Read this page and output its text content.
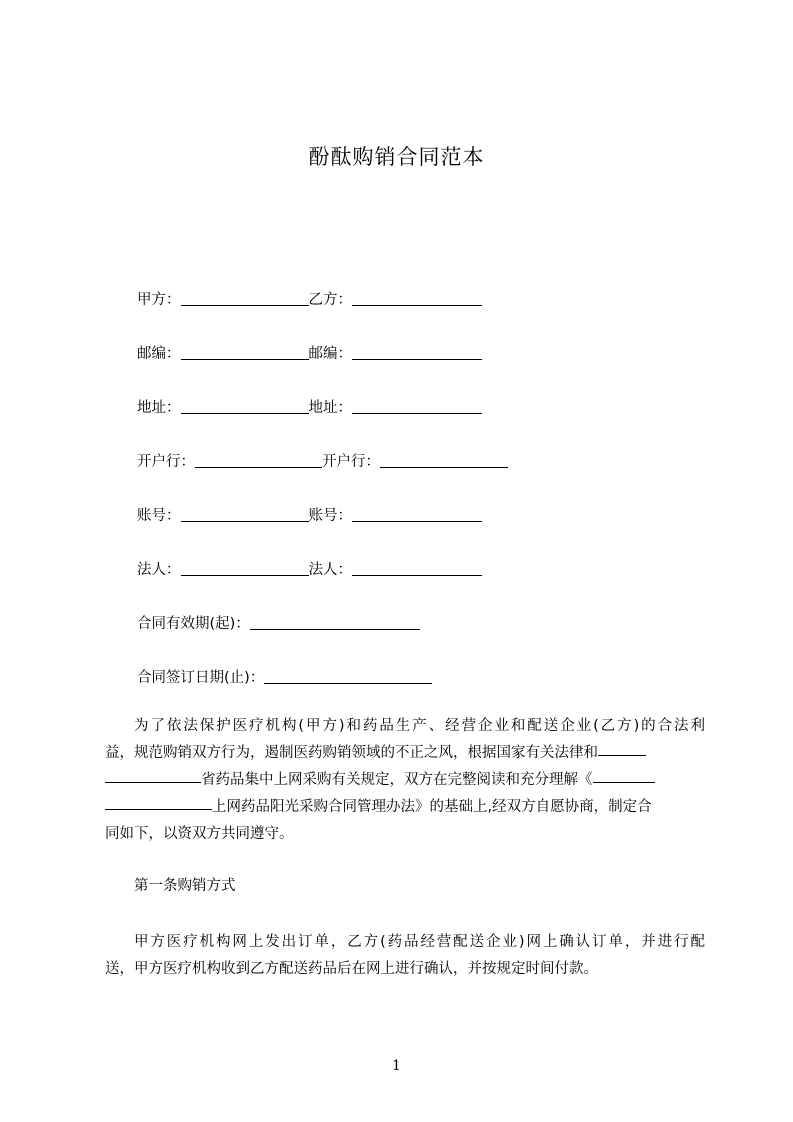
酚酞购销合同范本
甲方：	乙方：
邮编：	邮编：
地址：	地址：
开户行：	开户行：
账号：	账号：
法人：	法人：
合同有效期(起)：
合同签订日期(止)：
为了依法保护医疗机构(甲方)和药品生产、经营企业和配送企业(乙方)的合法利
益，规范购销双方行为，遏制医药购销领域的不正之风，根据国家有关法律和
省药品集中上网采购有关规定，双方在完整阅读和充分理解《
上网药品阳光采购合同管理办法》的基础上,经双方自愿协商，制定合
同如下，以资双方共同遵守。
第一条购销方式
甲方医疗机构网上发出订单，乙方(药品经营配送企业)网上确认订单，并进行配
送，甲方医疗机构收到乙方配送药品后在网上进行确认，并按规定时间付款。
1
